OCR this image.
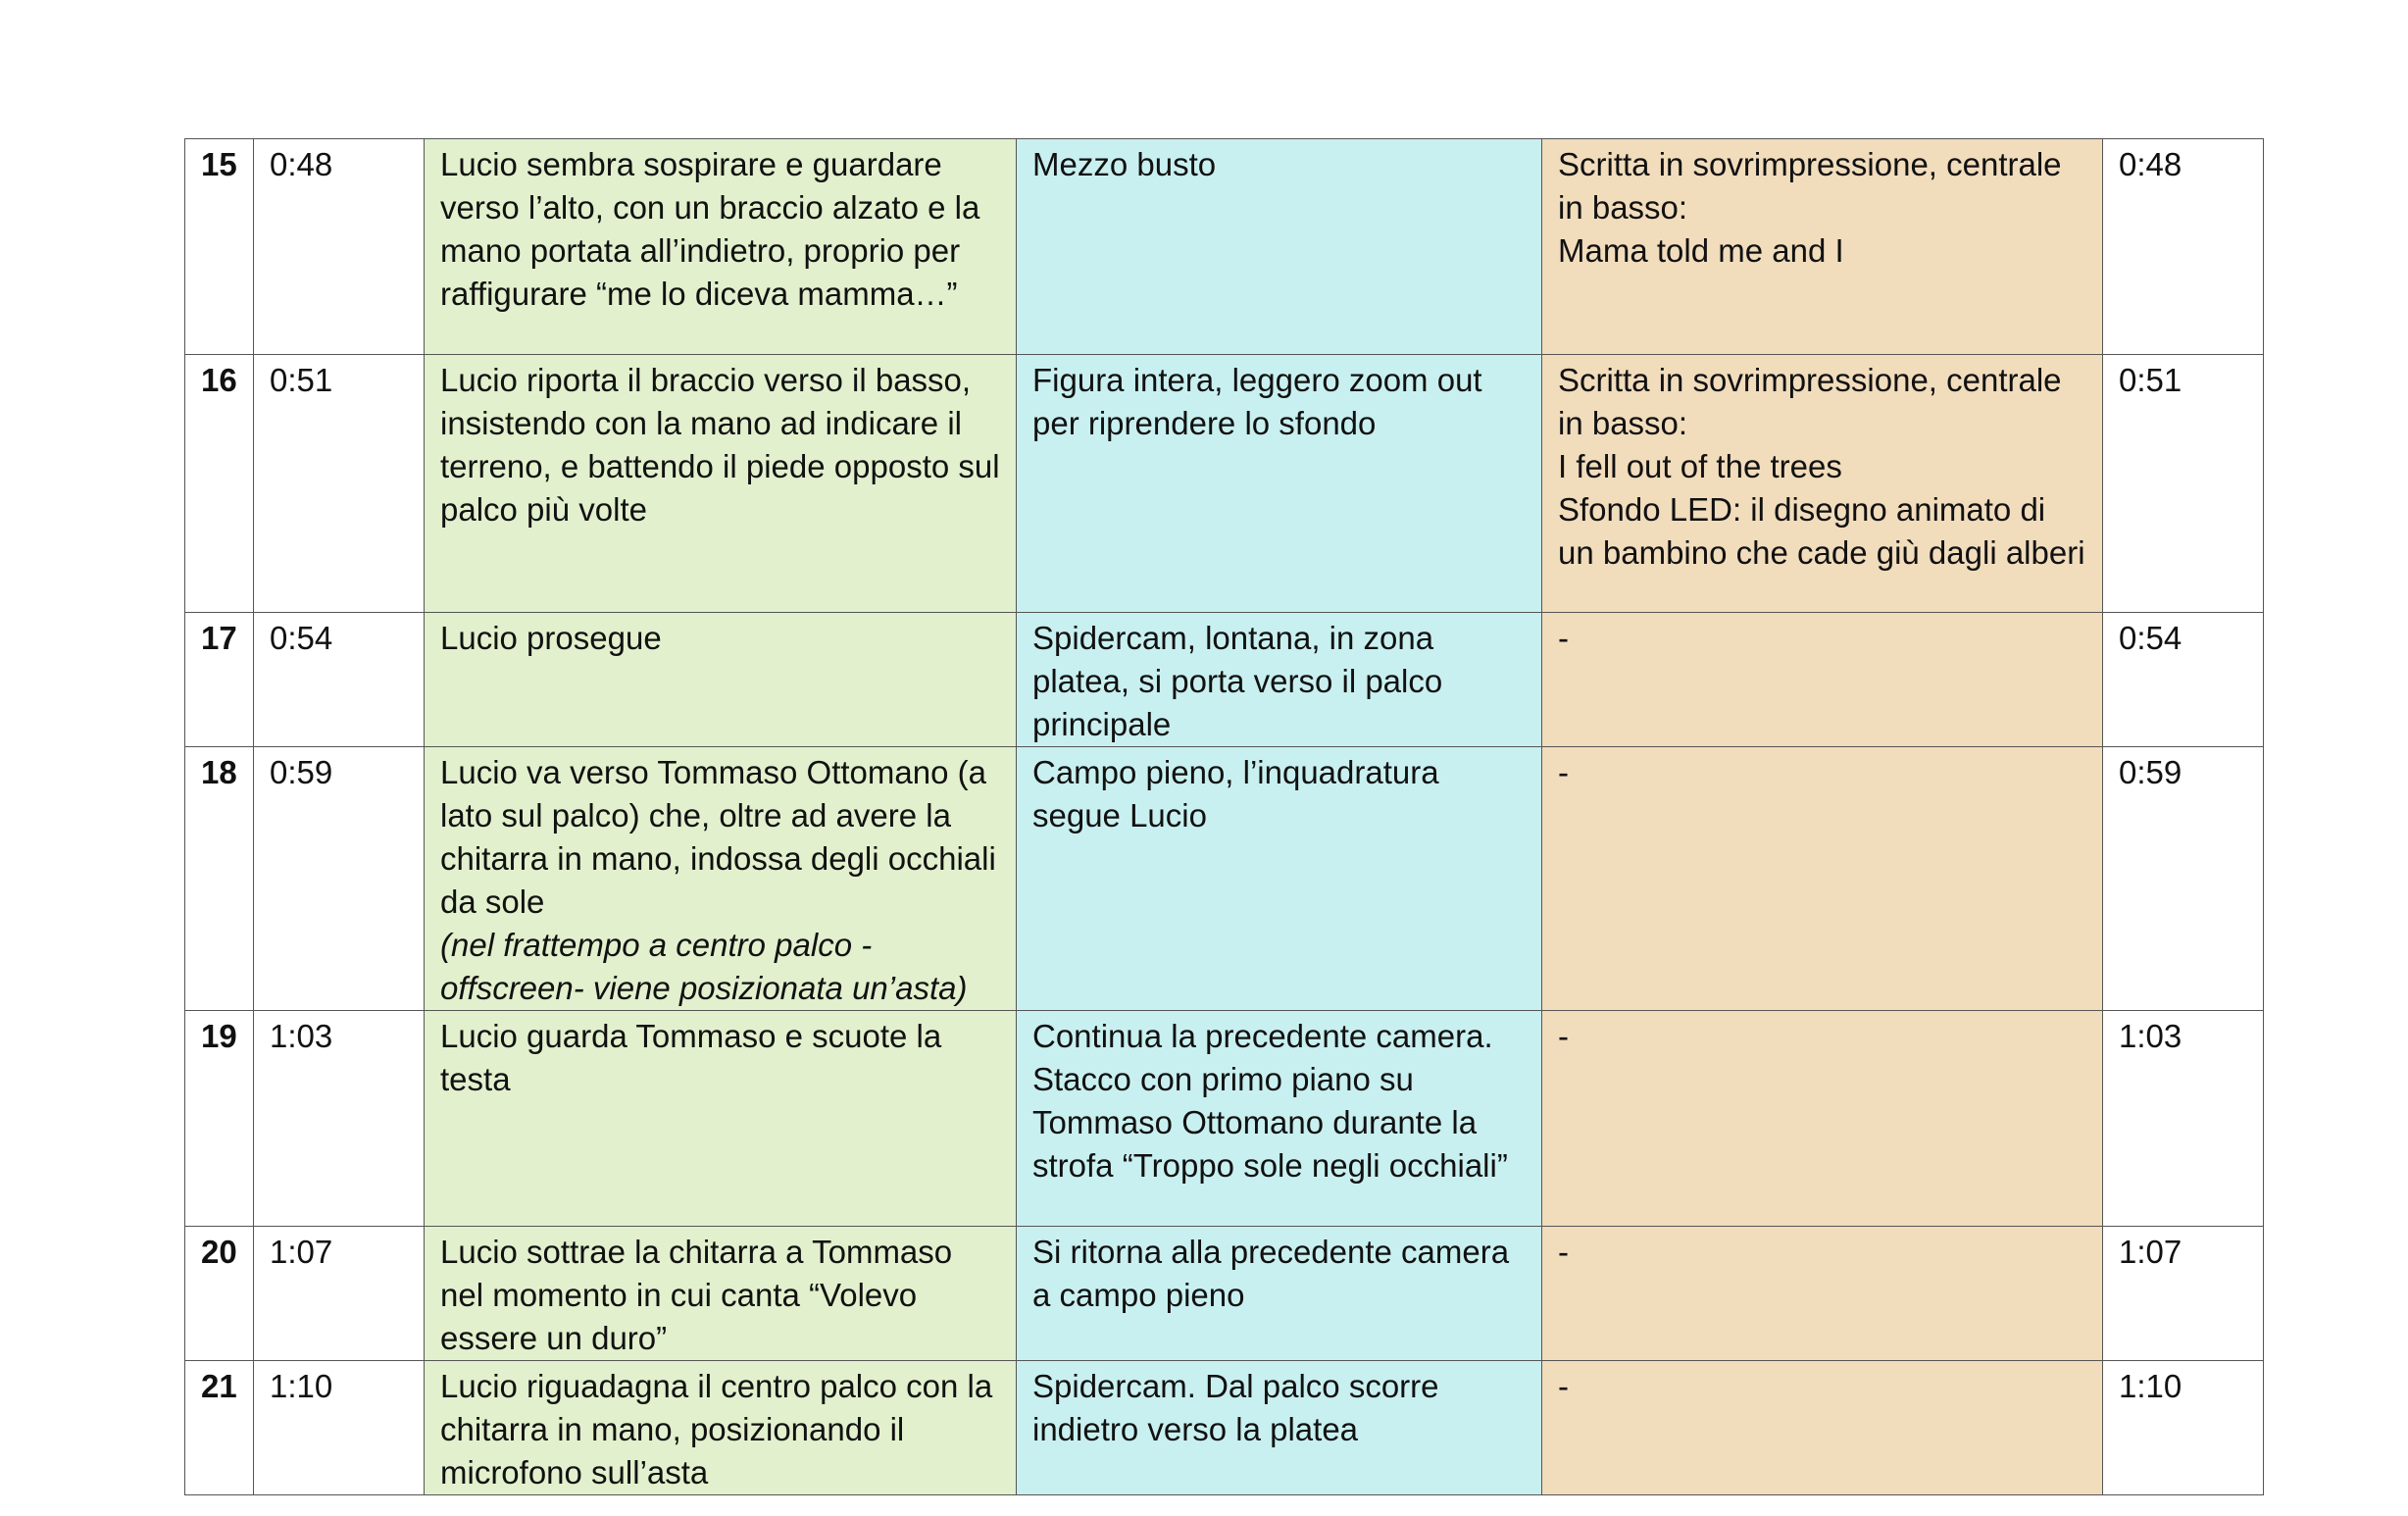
15	0:48	Lucio sembra sospirare e guardare verso l’alto, con un braccio alzato e la mano portata all’indietro, proprio per raffigurare “me lo diceva mamma…”	Mezzo busto	Scritta in sovrimpressione, centrale in basso:
Mama told me and I	0:48
16	0:51	Lucio riporta il braccio verso il basso, insistendo con la mano ad indicare il terreno, e battendo il piede opposto sul palco più volte	Figura intera, leggero zoom out per riprendere lo sfondo	Scritta in sovrimpressione, centrale in basso:
I fell out of the trees
Sfondo LED: il disegno animato di un bambino che cade giù dagli alberi	0:51
17	0:54	Lucio prosegue	Spidercam, lontana, in zona platea, si porta verso il palco principale	-	0:54
18	0:59	Lucio va verso Tommaso Ottomano (a lato sul palco) che, oltre ad avere la chitarra in mano, indossa degli occhiali da sole
(nel frattempo a centro palco - offscreen- viene posizionata un’asta)	Campo pieno, l’inquadratura segue Lucio	-	0:59
19	1:03	Lucio guarda Tommaso e scuote la testa	Continua la precedente camera.
Stacco con primo piano su Tommaso Ottomano durante la strofa “Troppo sole negli occhiali”	-	1:03
20	1:07	Lucio sottrae la chitarra a Tommaso nel momento in cui canta “Volevo essere un duro”	Si ritorna alla precedente camera a campo pieno	-	1:07
21	1:10	Lucio riguadagna il centro palco con la chitarra in mano, posizionando il microfono sull’asta	Spidercam. Dal palco scorre indietro verso la platea	-	1:10
